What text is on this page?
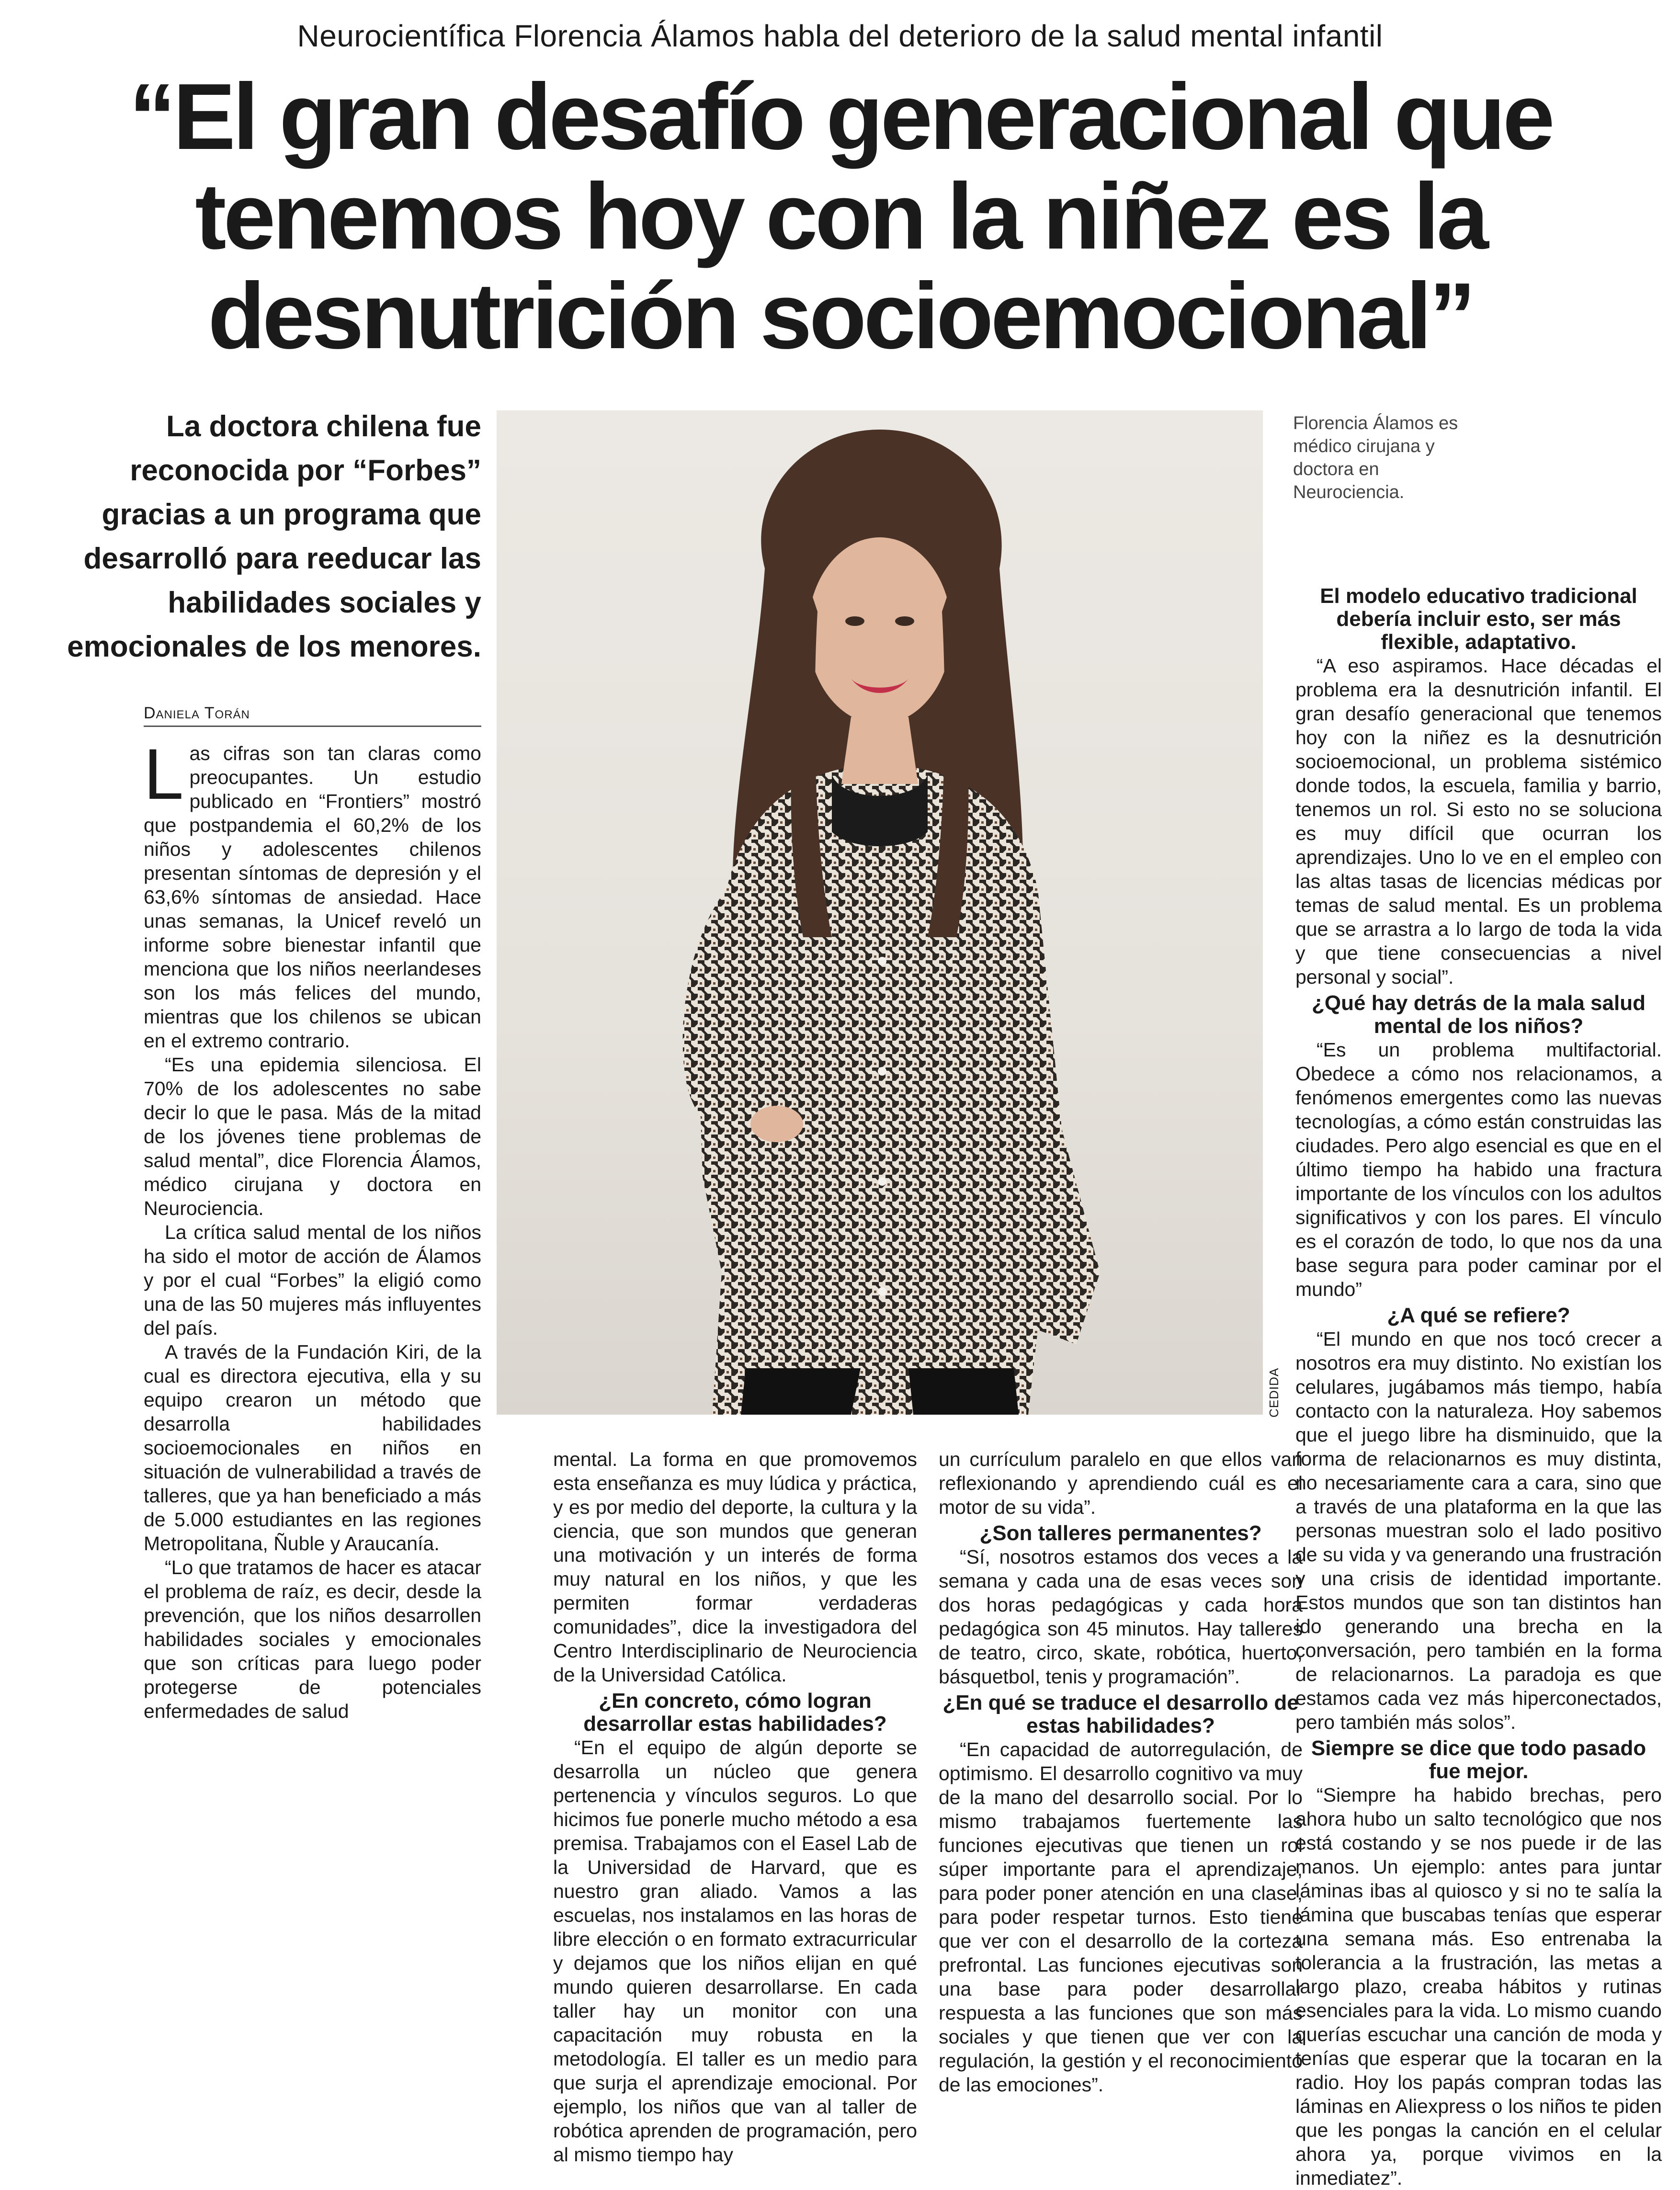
Neurocientífica Florencia Álamos habla del deterioro de la salud mental infantil
“El gran desafío generacional que
tenemos hoy con la niñez es la
desnutrición socioemocional”
La doctora chilena fue reconocida por “Forbes” gracias a un programa que desarrolló para reeducar las habilidades sociales y emocionales de los menores.
Daniela Torán

Las cifras son tan claras como preocupantes. Un estudio publicado en “Frontiers” mostró que postpandemia el 60,2% de los niños y adolescentes chilenos presentan síntomas de depresión y el 63,6% síntomas de ansiedad. Hace unas semanas, la Unicef reveló un informe sobre bienestar infantil que menciona que los niños neerlandeses son los más felices del mundo, mientras que los chilenos se ubican en el extremo contrario.

“Es una epidemia silenciosa. El 70% de los adolescentes no sabe decir lo que le pasa. Más de la mitad de los jóvenes tiene problemas de salud mental”, dice Florencia Álamos, médico cirujana y doctora en Neurociencia.

La crítica salud mental de los niños ha sido el motor de acción de Álamos y por el cual “Forbes” la eligió como una de las 50 mujeres más influyentes del país.

A través de la Fundación Kiri, de la cual es directora ejecutiva, ella y su equipo crearon un método que desarrolla habilidades socioemocionales en niños en situación de vulnerabilidad a través de talleres, que ya han beneficiado a más de 5.000 estudiantes en las regiones Metropolitana, Ñuble y Araucanía.

“Lo que tratamos de hacer es atacar el problema de raíz, es decir, desde la prevención, que los niños desarrollen habilidades sociales y emocionales que son críticas para luego poder protegerse de potenciales enfermedades de salud

CEDIDA
Florencia Álamos es médico cirujana y doctora en Neurociencia.

mental. La forma en que promovemos esta enseñanza es muy lúdica y práctica, y es por medio del deporte, la cultura y la ciencia, que son mundos que generan una motivación y un interés de forma muy natural en los niños, y que les permiten formar verdaderas comunidades”, dice la investigadora del Centro Interdisciplinario de Neurociencia de la Universidad Católica.

¿En concreto, cómo logran desarrollar estas habilidades?

“En el equipo de algún deporte se desarrolla un núcleo que genera pertenencia y vínculos seguros. Lo que hicimos fue ponerle mucho método a esa premisa. Trabajamos con el Easel Lab de la Universidad de Harvard, que es nuestro gran aliado. Vamos a las escuelas, nos instalamos en las horas de libre elección o en formato extracurricular y dejamos que los niños elijan en qué mundo quieren desarrollarse. En cada taller hay un monitor con una capacitación muy robusta en la metodología. El taller es un medio para que surja el aprendizaje emocional. Por ejemplo, los niños que van al taller de robótica aprenden de programación, pero al mismo tiempo hay

un currículum paralelo en que ellos van reflexionando y aprendiendo cuál es el motor de su vida”.

¿Son talleres permanentes?

“Sí, nosotros estamos dos veces a la semana y cada una de esas veces son dos horas pedagógicas y cada hora pedagógica son 45 minutos. Hay talleres de teatro, circo, skate, robótica, huerto, básquetbol, tenis y programación”.

¿En qué se traduce el desarrollo de estas habilidades?

“En capacidad de autorregulación, de optimismo. El desarrollo cognitivo va muy de la mano del desarrollo social. Por lo mismo trabajamos fuertemente las funciones ejecutivas que tienen un rol súper importante para el aprendizaje, para poder poner atención en una clase, para poder respetar turnos. Esto tiene que ver con el desarrollo de la corteza prefrontal. Las funciones ejecutivas son una base para poder desarrollar respuesta a las funciones que son más sociales y que tienen que ver con la regulación, la gestión y el reconocimiento de las emociones”.

El modelo educativo tradicional debería incluir esto, ser más flexible, adaptativo.

“A eso aspiramos. Hace décadas el problema era la desnutrición infantil. El gran desafío generacional que tenemos hoy con la niñez es la desnutrición socioemocional, un problema sistémico donde todos, la escuela, familia y barrio, tenemos un rol. Si esto no se soluciona es muy difícil que ocurran los aprendizajes. Uno lo ve en el empleo con las altas tasas de licencias médicas por temas de salud mental. Es un problema que se arrastra a lo largo de toda la vida y que tiene consecuencias a nivel personal y social”.

¿Qué hay detrás de la mala salud mental de los niños?

“Es un problema multifactorial. Obedece a cómo nos relacionamos, a fenómenos emergentes como las nuevas tecnologías, a cómo están construidas las ciudades. Pero algo esencial es que en el último tiempo ha habido una fractura importante de los vínculos con los adultos significativos y con los pares. El vínculo es el corazón de todo, lo que nos da una base segura para poder caminar por el mundo”

¿A qué se refiere?

“El mundo en que nos tocó crecer a nosotros era muy distinto. No existían los celulares, jugábamos más tiempo, había contacto con la naturaleza. Hoy sabemos que el juego libre ha disminuido, que la forma de relacionarnos es muy distinta, no necesariamente cara a cara, sino que a través de una plataforma en la que las personas muestran solo el lado positivo de su vida y va generando una frustración y una crisis de identidad importante. Estos mundos que son tan distintos han ido generando una brecha en la conversación, pero también en la forma de relacionarnos. La paradoja es que estamos cada vez más hiperconectados, pero también más solos”.

Siempre se dice que todo pasado fue mejor.

“Siempre ha habido brechas, pero ahora hubo un salto tecnológico que nos está costando y se nos puede ir de las manos. Un ejemplo: antes para juntar láminas ibas al quiosco y si no te salía la lámina que buscabas tenías que esperar una semana más. Eso entrenaba la tolerancia a la frustración, las metas a largo plazo, creaba hábitos y rutinas esenciales para la vida. Lo mismo cuando querías escuchar una canción de moda y tenías que esperar que la tocaran en la radio. Hoy los papás compran todas las láminas en Aliexpress o los niños te piden que les pongas la canción en el celular ahora ya, porque vivimos en la inmediatez”.
